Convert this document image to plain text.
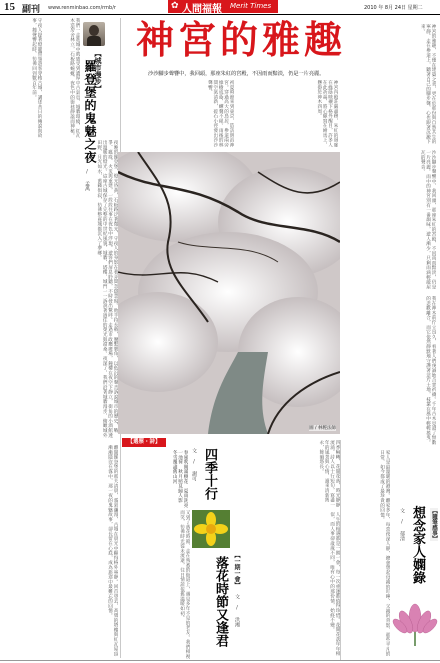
15 副刊 www.renminbao.com/rmb/r	✿ 人間福報 Merit Times	2010 年 8月 24日 星期二
神宮的雅趣
沙沙腳步聲響中，我回頭，那座朱紅的宮殿，不因雨而黯淡，仍是一片亮麗。
【城市漫步】
羅登堡的鬼魅之夜
文 / 孟禹
我們一走進城中就感受到濃厚中古氣息，城牆環繞，紅瓦木造房舍林立，石板路蜿蜒，夜色中的街巷靜謐而神秘。
守夜人提著燈籠帶領遊客穿梭古城，講述昔日的傳說與故事，鐘聲響起時，彷彿回到數百年前。
夜晚的羅登堡，燈光昏黃，石板路泛著微光，守夜人的身影在巷弄間忽隱忽現。他手持長戟，腰繫號角，以低沉的聲音訴說城市的歷史，戰爭、瘟疫、火災與重建，一段段往事在夜色中浮現。遊客們屏息聆聽，不時發出驚呼。走過市政廳廣場，鐘樓在夜空下靜立，街角的小酒館透出溫暖的燈光。這座古城保存了完整的中世紀風貌，城牆、塔樓、城門一一訴說著過往的榮光與滄桑。夜深了，我們沿著城牆漫步，俯瞰城外田野，月光如水，萬籟俱寂，彷彿整座城都沉入了夢鄉。
離開羅登堡的那天清晨，霧氣瀰漫，古城在晨光中顯得格外寧靜。回首望去，高聳的塔樓與紅瓦屋頂漸漸隱沒在霧中，那一夜的鬼魅故事，卻長留在心底，成為旅途中最難忘的回憶。
初夏時節來到東京，造訪明治神宮。穿過高大的鳥居，參道兩旁綠樹成蔭，蟬聲不絕。雨後的林間空氣清新，碎石小徑發出沙沙聲響。	神宮內殿莊嚴肅穆，朱紅的迴廊在綠蔭映襯下格外醒目，許多人在此祈福，將心願寫在繪馬上，懸掛於神木四周。	神宮的雅趣，不僅在建築之美，更在於那份與自然共生的寧靜。走在參道上，聽著自己的腳步聲，心也跟著沉澱下來。
圖 / 林輕法師
沙沙腳步聲響中，我回頭，那座朱紅的宮殿，不因雨而黯淡，仍是一片亮麗。雨中的神宮別有一番韻味，遊人漸少，只剩雨滴輕敲屋瓦的聲音。
我在神木前佇立良久，看著人們虔誠地合掌祈禱。千年古木見證了無數的悲歡離合，而它依然靜默地守護著這片土地，枝葉在風中輕輕搖曳。
【選票・詩】
四季十行
文 / 謝可
春風吹開滿樹花　夏雨洗亮一池荷　秋月照見歸人影　冬雪覆盡舊山河	四季輪轉，花開花落，時光靜靜流淌。詩人以十行短句，寫盡一年的風景與心情，讀來清新雋永，餘韻悠長。
【一期一會】
落花時節又逢君	文 / 洪湘
又到了落花時節，走在熟悉的街道上，遇見多年不見的老友。我們相視而笑，彷彿時光從未流逝，往日情誼依舊溫暖如初。	人生的相遇都是一期一會，每一次重逢都值得珍惜。花開花落年年相似，而人事卻歲歲不同，唯有心中的那份情，始終不變。	家人是最溫暖的港灣。離家多年，每當夜深人靜，總會想起母親的叮嚀、父親的背影，那些平凡的日常，如今都成了最珍貴的回憶。
【隨筆感事】
想念家人嫻錄
文 / 郁清
